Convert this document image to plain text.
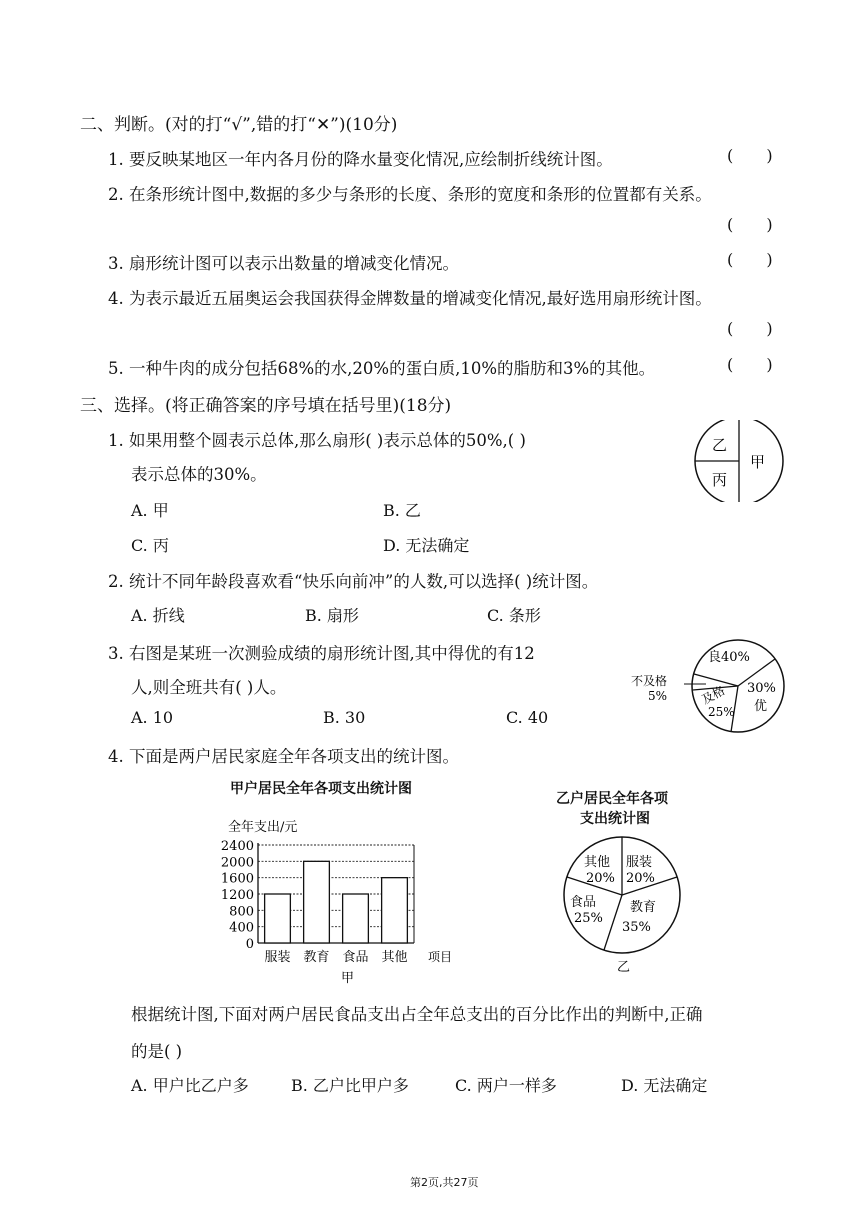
二、判断。(对的打“√”,错的打“✕”)(10分)
1. 要反映某地区一年内各月份的降水量变化情况,应绘制折线统计图。	( )
2. 在条形统计图中,数据的多少与条形的长度、条形的宽度和条形的位置都有关系。
( )
3. 扇形统计图可以表示出数量的增减变化情况。	( )
4. 为表示最近五届奥运会我国获得金牌数量的增减变化情况,最好选用扇形统计图。
( )
5. 一种牛肉的成分包括68%的水,20%的蛋白质,10%的脂肪和3%的其他。	( )
三、选择。(将正确答案的序号填在括号里)(18分)
1. 如果用整个圆表示总体,那么扇形( )表示总体的50%,( )
表示总体的30%。
A. 甲	B. 乙
C. 丙	D. 无法确定
乙
甲
丙
2. 统计不同年龄段喜欢看“快乐向前冲”的人数,可以选择( )统计图。
A. 折线	B. 扇形	C. 条形
3. 右图是某班一次测验成绩的扇形统计图,其中得优的有12
人,则全班共有( )人。
A. 10	B. 30	C. 40
良40%
不及格
5%	及格
25%
30%
优
4. 下面是两户居民家庭全年各项支出的统计图。
甲户居民全年各项支出统计图
全年支出/元
0
400
800
1200
1600
2000
2400
服装 教育 食品 其他 项目
甲
乙户居民全年各项
支出统计图
其他
20%
服装
20%
教育
35%
食品
25%
乙
根据统计图,下面对两户居民食品支出占全年总支出的百分比作出的判断中,正确
的是( )
A. 甲户比乙户多	B. 乙户比甲户多	C. 两户一样多	D. 无法确定
第2页,共27页
